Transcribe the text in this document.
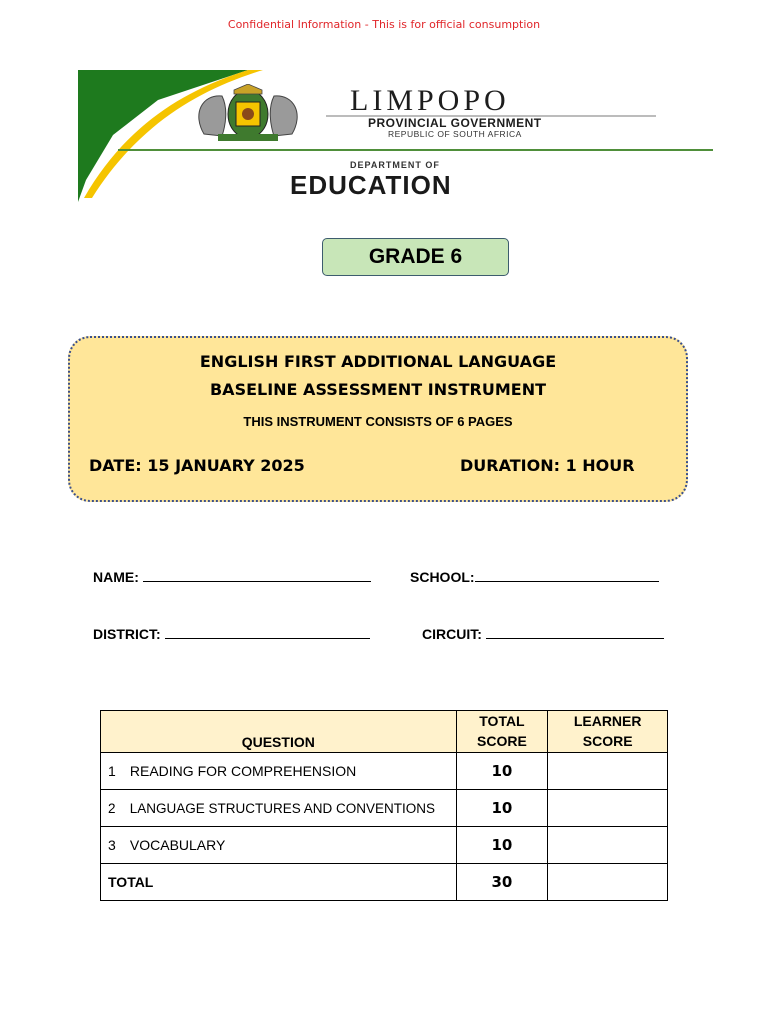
Confidential Information - This is for official consumption
LIMPOPO
PROVINCIAL GOVERNMENT
REPUBLIC OF SOUTH AFRICA
DEPARTMENT OF
EDUCATION
GRADE 6
ENGLISH FIRST ADDITIONAL LANGUAGE
BASELINE ASSESSMENT INSTRUMENT
THIS INSTRUMENT CONSISTS OF 6 PAGES
DATE: 15 JANUARY 2025	DURATION: 1 HOUR
NAME:	SCHOOL:
DISTRICT:	CIRCUIT:
QUESTION	TOTAL SCORE	LEARNER SCORE
1 READING FOR COMPREHENSION	10	
2 LANGUAGE STRUCTURES AND CONVENTIONS	10	
3 VOCABULARY	10	
TOTAL	30	
